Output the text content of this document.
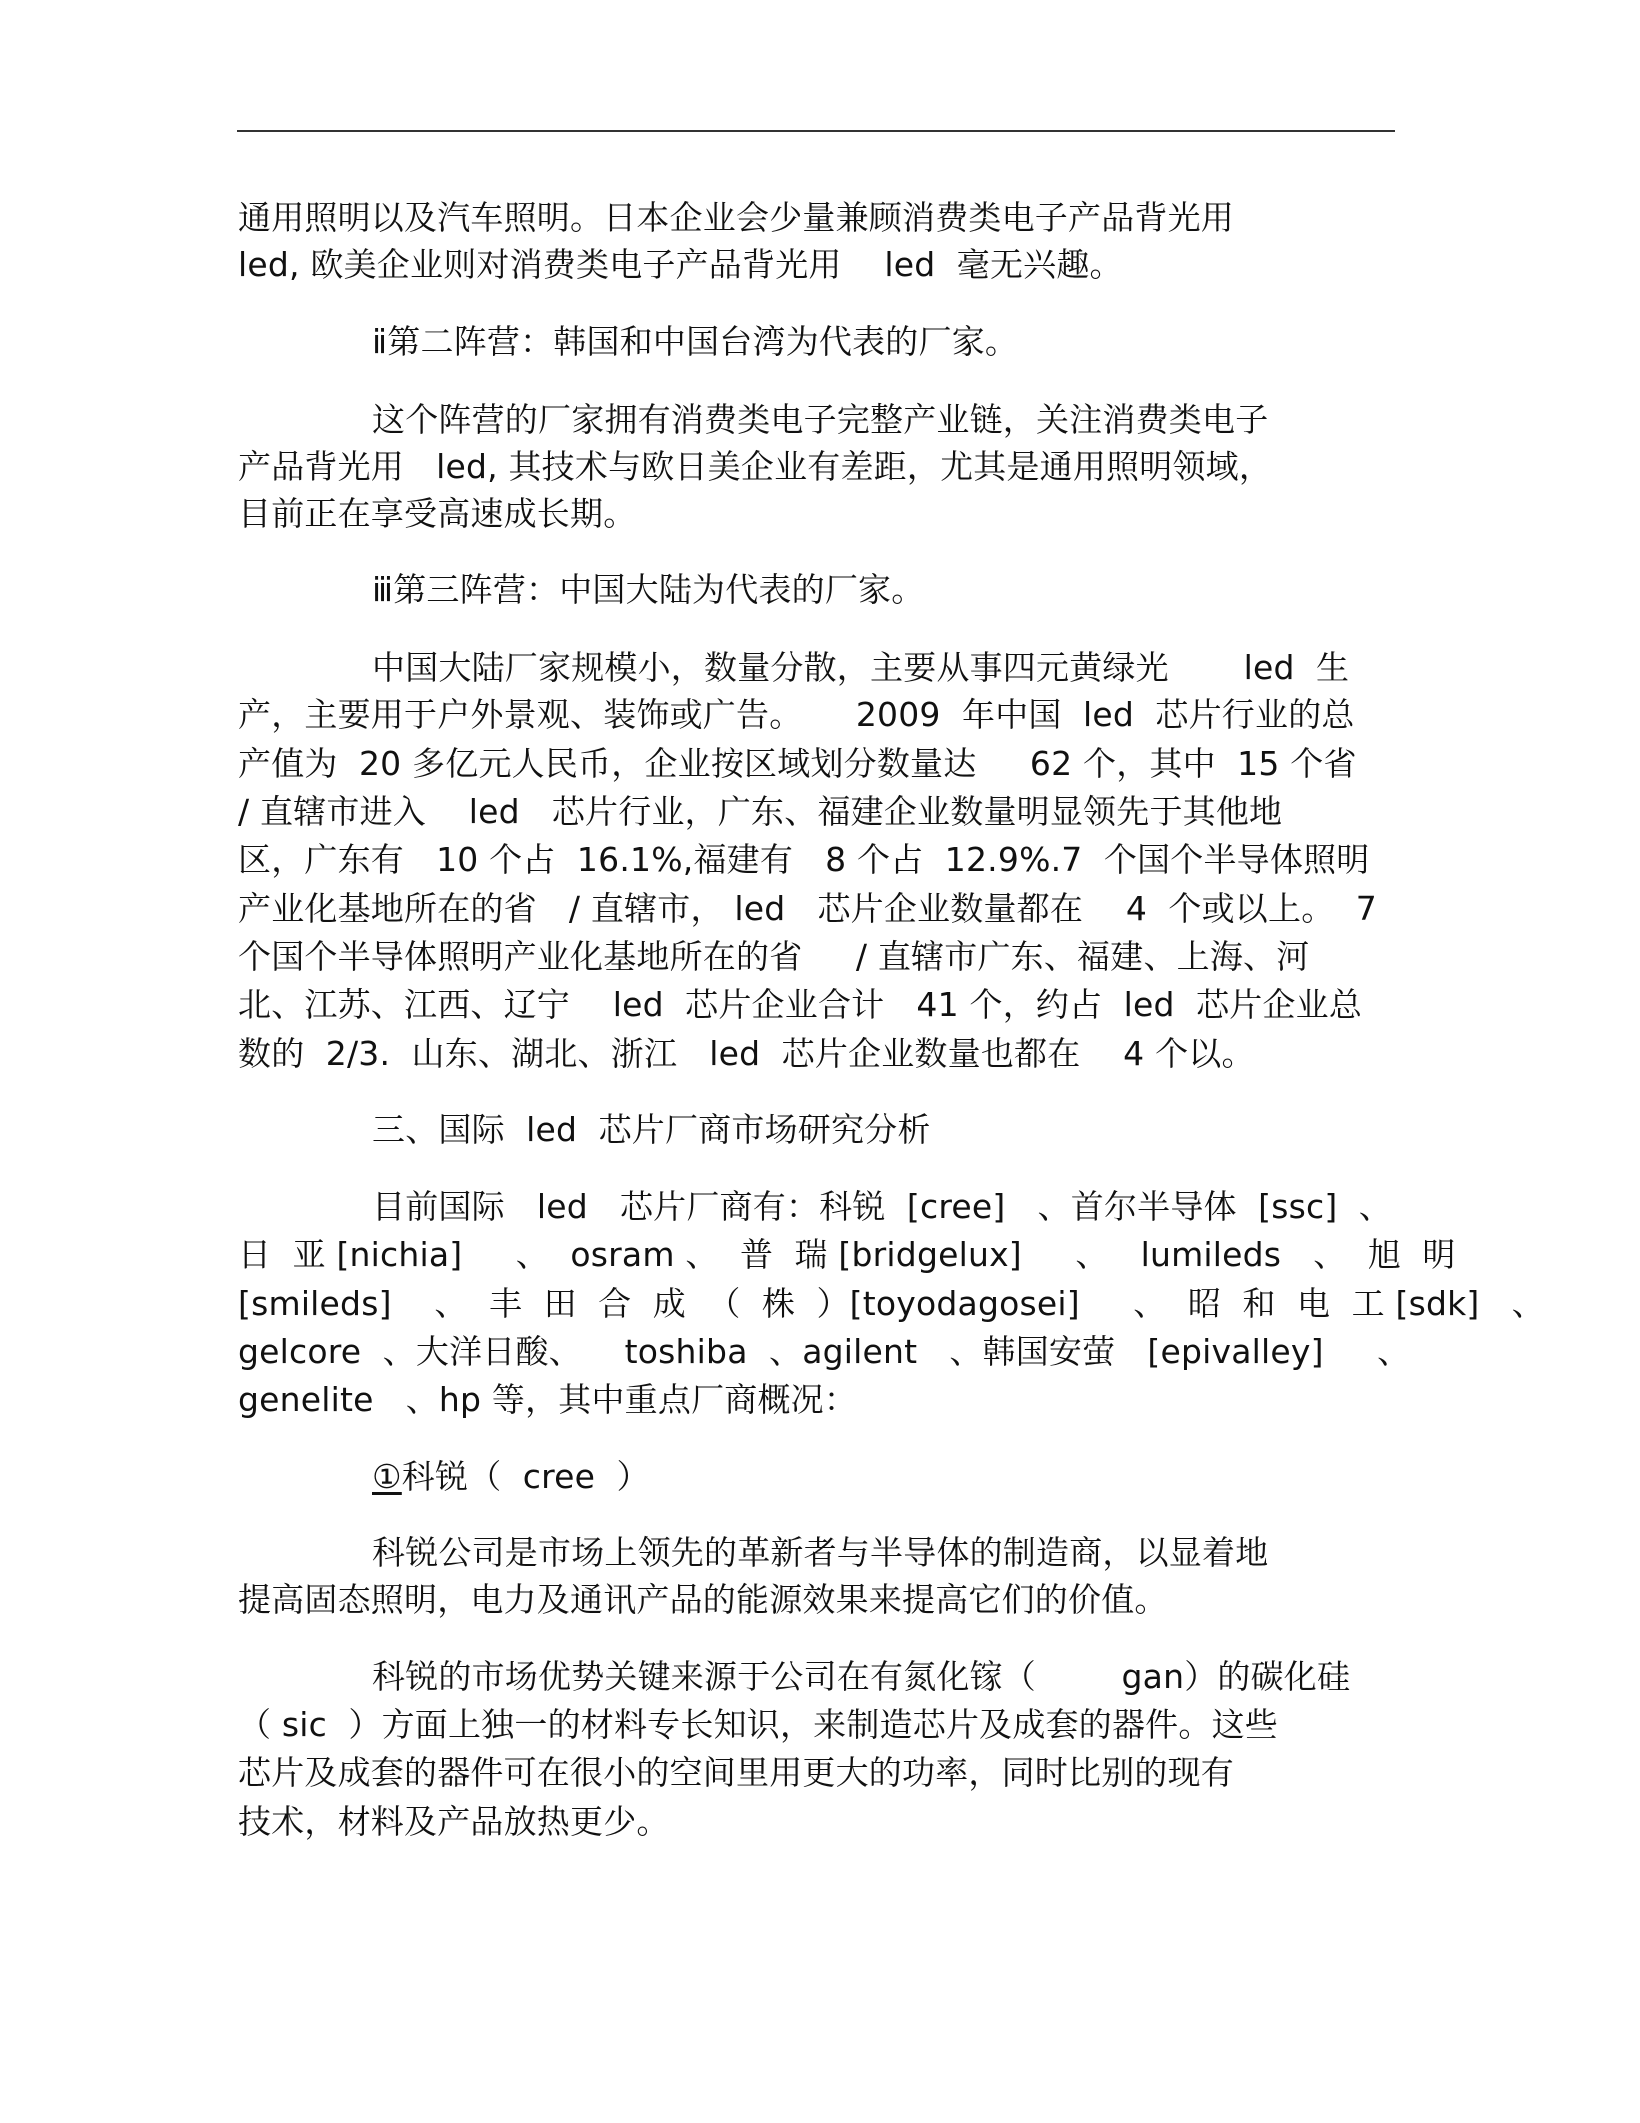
通用照明以及汽车照明。日本企业会少量兼顾消费类电子产品背光用
led, 欧美企业则对消费类电子产品背光用    led  毫无兴趣。
ⅱ第二阵营：韩国和中国台湾为代表的厂家。
这个阵营的厂家拥有消费类电子完整产业链，关注消费类电子
产品背光用   led, 其技术与欧日美企业有差距，尤其是通用照明领域，
目前正在享受高速成长期。
ⅲ第三阵营：中国大陆为代表的厂家。
中国大陆厂家规模小，数量分散，主要从事四元黄绿光       led  生
产，主要用于户外景观、装饰或广告。     2009  年中国  led  芯片行业的总
产值为  20 多亿元人民币，企业按区域划分数量达     62 个，其中  15 个省
/ 直辖市进入    led   芯片行业，广东、福建企业数量明显领先于其他地
区，广东有   10 个占  16.1%,福建有   8 个占  12.9%.7  个国个半导体照明
产业化基地所在的省   / 直辖市， led   芯片企业数量都在    4  个或以上。  7
个国个半导体照明产业化基地所在的省     / 直辖市广东、福建、上海、河
北、江苏、江西、辽宁    led  芯片企业合计   41 个，约占  led  芯片企业总
数的  2/3.  山东、湖北、浙江   led  芯片企业数量也都在    4 个以。
三、国际  led  芯片厂商市场研究分析
目前国际   led   芯片厂商有：科锐  [cree]   、首尔半导体  [ssc]  、
日  亚 [nichia]     、  osram 、  普  瑞 [bridgelux]     、   lumileds   、  旭  明
[smileds]    、  丰  田  合  成  （  株  ）[toyodagosei]     、  昭  和  电  工 [sdk]   、
gelcore  、大洋日酸、    toshiba  、agilent   、韩国安萤   [epivalley]     、
genelite   、hp 等，其中重点厂商概况：
①科锐（  cree  ）
科锐公司是市场上领先的革新者与半导体的制造商，以显着地
提高固态照明，电力及通讯产品的能源效果来提高它们的价值。
科锐的市场优势关键来源于公司在有氮化镓（        gan）的碳化硅
（ sic  ）方面上独一的材料专长知识，来制造芯片及成套的器件。这些
芯片及成套的器件可在很小的空间里用更大的功率，同时比别的现有
技术，材料及产品放热更少。
